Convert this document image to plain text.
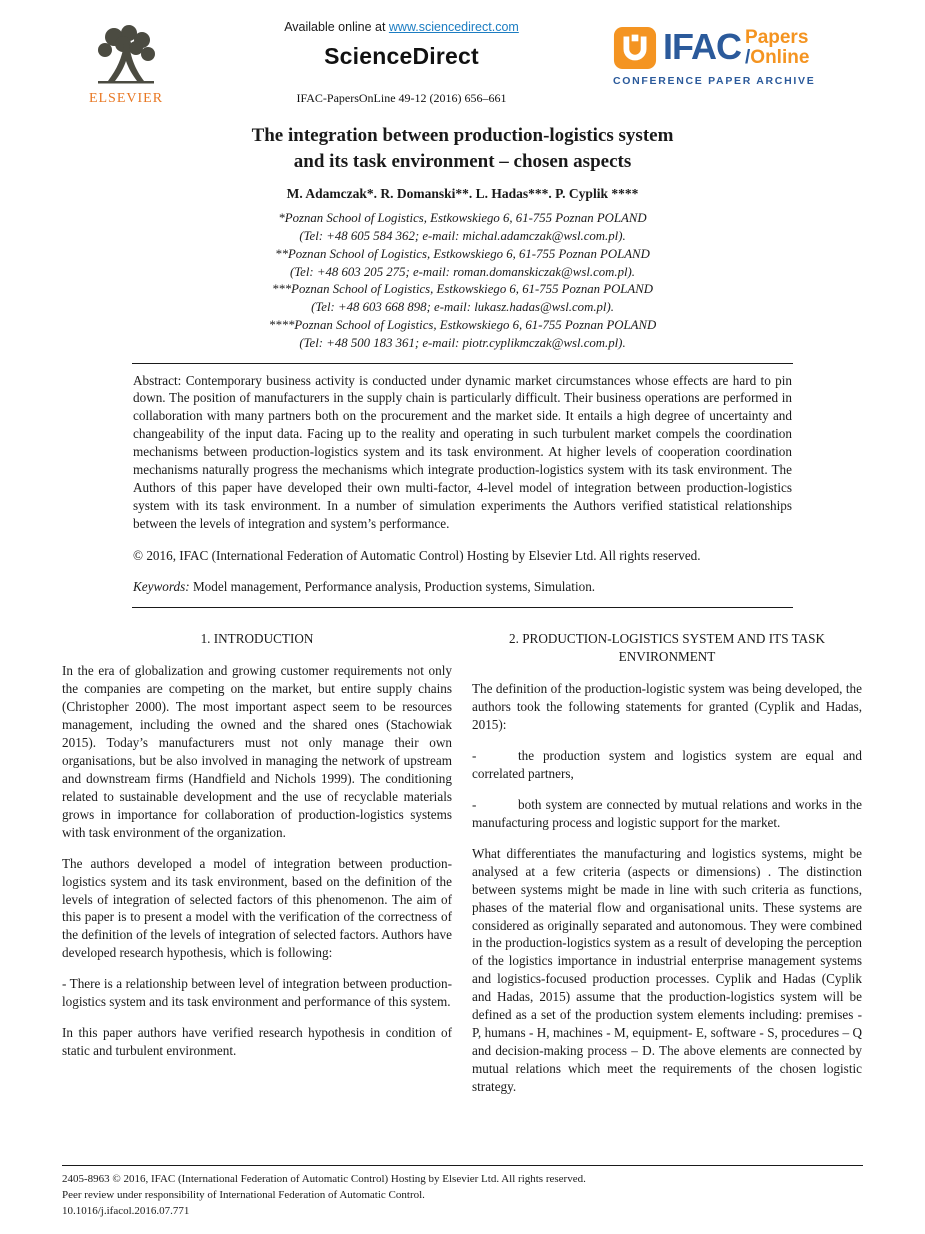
ELSEVIER
Available online at www.sciencedirect.com
ScienceDirect
IFAC-PapersOnLine 49-12 (2016) 656–661
IFAC Papers
/Online
CONFERENCE PAPER ARCHIVE
The integration between production-logistics system
and its task environment – chosen aspects
M. Adamczak*. R. Domanski**. L. Hadas***. P. Cyplik ****
*Poznan School of Logistics, Estkowskiego 6, 61-755 Poznan POLAND
(Tel: +48 605 584 362; e-mail: michal.adamczak@wsl.com.pl).
**Poznan School of Logistics, Estkowskiego 6, 61-755 Poznan POLAND
(Tel: +48 603 205 275; e-mail: roman.domanskiczak@wsl.com.pl).
***Poznan School of Logistics, Estkowskiego 6, 61-755 Poznan POLAND
(Tel: +48 603 668 898; e-mail: lukasz.hadas@wsl.com.pl).
****Poznan School of Logistics, Estkowskiego 6, 61-755 Poznan POLAND
(Tel: +48 500 183 361; e-mail: piotr.cyplikmczak@wsl.com.pl).

Abstract: Contemporary business activity is conducted under dynamic market circumstances whose effects are hard to pin down. The position of manufacturers in the supply chain is particularly difficult. Their business operations are performed in collaboration with many partners both on the procurement and the market side. It entails a high degree of uncertainty and changeability of the input data. Facing up to the reality and operating in such turbulent market compels the coordination mechanisms between production-logistics system and its task environment. At higher levels of cooperation coordination mechanisms naturally progress the mechanisms which integrate production-logistics system with its task environment. The Authors of this paper have developed their own multi-factor, 4-level model of integration between production-logistics system with its task environment. In a number of simulation experiments the Authors verified statistical relationships between the levels of integration and system’s performance.

© 2016, IFAC (International Federation of Automatic Control) Hosting by Elsevier Ltd. All rights reserved.

Keywords: Model management, Performance analysis, Production systems, Simulation.

1. INTRODUCTION

In the era of globalization and growing customer requirements not only the companies are competing on the market, but entire supply chains (Christopher 2000). The most important aspect seem to be resources management, including the owned and the shared ones (Stachowiak 2015). Today’s manufacturers must not only manage their own organisations, but be also involved in managing the network of upstream and downstream firms (Handfield and Nichols 1999). The conditioning related to sustainable development and the use of recyclable materials grows in importance for collaboration of production-logistics systems with task environment of the organization.

The authors developed a model of integration between production-logistics system and its task environment, based on the definition of the levels of integration of selected factors of this phenomenon. The aim of this paper is to present a model with the verification of the correctness of the definition of the levels of integration of selected factors. Authors have developed research hypothesis, which is following:

- There is a relationship between level of integration between production-logistics system and its task environment and performance of this system.

In this paper authors have verified research hypothesis in condition of static and turbulent environment.

2. PRODUCTION-LOGISTICS SYSTEM AND ITS TASK ENVIRONMENT

The definition of the production-logistic system was being developed, the authors took the following statements for granted (Cyplik and Hadas, 2015):

-	the production system and logistics system are equal and correlated partners,

-	both system are connected by mutual relations and works in the manufacturing process and logistic support for the market.

What differentiates the manufacturing and logistics systems, might be analysed at a few criteria (aspects or dimensions) . The distinction between systems might be made in line with such criteria as functions, phases of the material flow and organisational units. These systems are considered as originally separated and autonomous. They were combined in the production-logistics system as a result of developing the perception of the logistics importance in industrial enterprise management systems and logistics-focused production processes. Cyplik and Hadas (Cyplik and Hadas, 2015) assume that the production-logistics system will be defined as a set of the production system elements including: premises - P, humans - H, machines - M, equipment- E, software - S, procedures – Q and decision-making process – D. The above elements are connected by mutual relations which meet the requirements of the chosen logistic strategy.

2405-8963 © 2016, IFAC (International Federation of Automatic Control) Hosting by Elsevier Ltd. All rights reserved.

Peer review under responsibility of International Federation of Automatic Control.

10.1016/j.ifacol.2016.07.771
